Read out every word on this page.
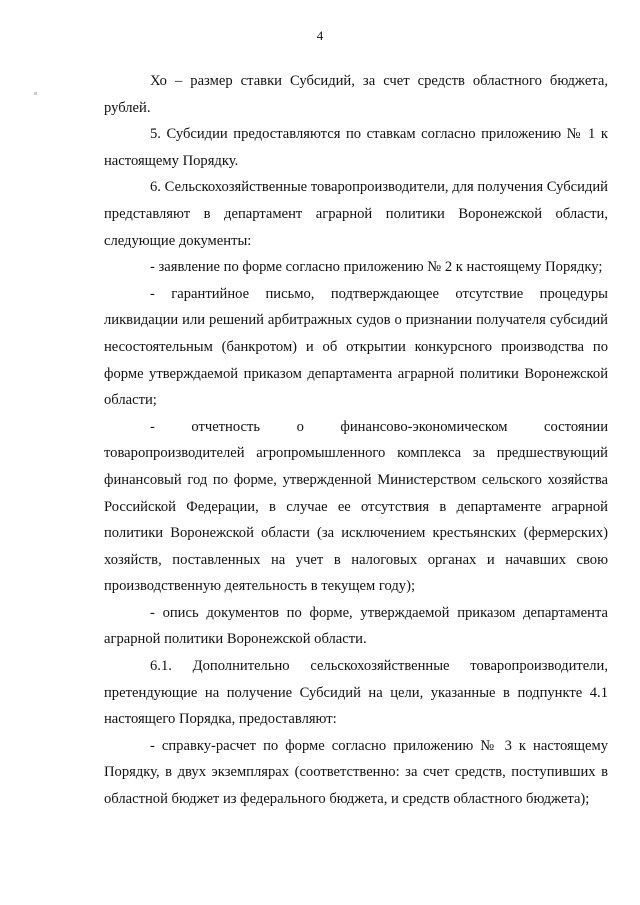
4

Хо – размер ставки Субсидий, за счет средств областного бюджета, рублей.

5. Субсидии предоставляются по ставкам согласно приложению № 1 к настоящему Порядку.

6. Сельскохозяйственные товаропроизводители, для получения Субсидий представляют в департамент аграрной политики Воронежской области, следующие документы:

- заявление по форме согласно приложению № 2 к настоящему Порядку;

- гарантийное письмо, подтверждающее отсутствие процедуры ликвидации или решений арбитражных судов о признании получателя субсидий несостоятельным (банкротом) и об открытии конкурсного производства по форме утверждаемой приказом департамента аграрной политики Воронежской области;

- отчетность о финансово-экономическом состоянии товаропроизводителей агропромышленного комплекса за предшествующий финансовый год по форме, утвержденной Министерством сельского хозяйства Российской Федерации, в случае ее отсутствия в департаменте аграрной политики Воронежской области (за исключением крестьянских (фермерских) хозяйств, поставленных на учет в налоговых органах и начавших свою производственную деятельность в текущем году);

- опись документов по форме, утверждаемой приказом департамента аграрной политики Воронежской области.

6.1. Дополнительно сельскохозяйственные товаропроизводители, претендующие на получение Субсидий на цели, указанные в подпункте 4.1 настоящего Порядка, предоставляют:

- справку-расчет по форме согласно приложению № 3 к настоящему Порядку, в двух экземплярах (соответственно: за счет средств, поступивших в областной бюджет из федерального бюджета, и средств областного бюджета);
